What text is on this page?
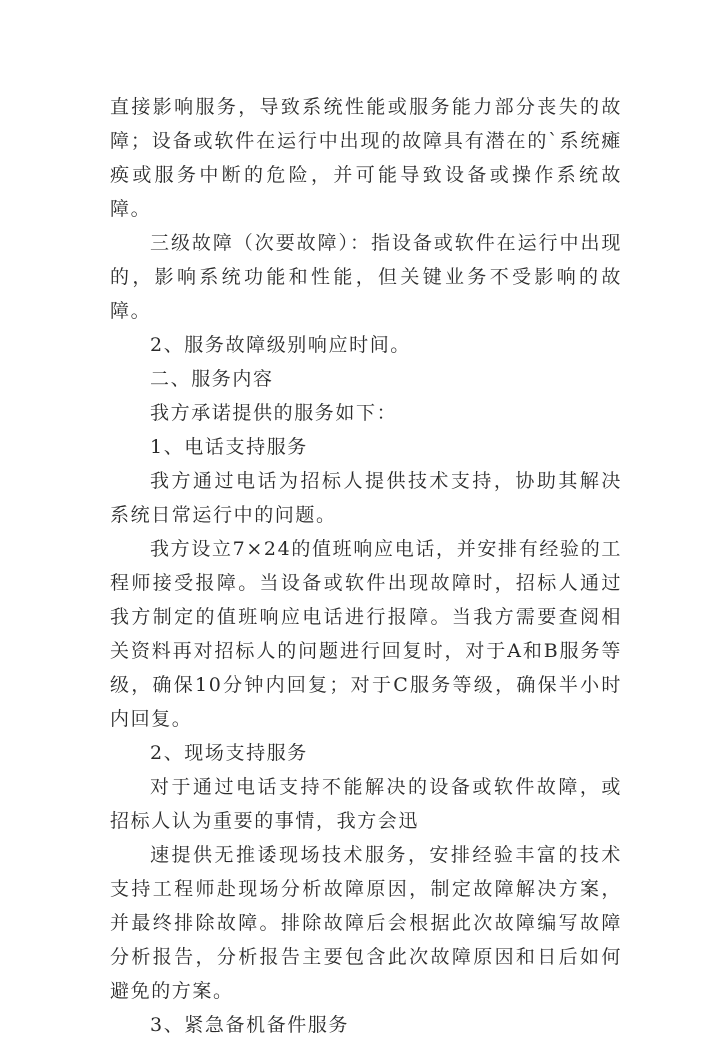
直接影响服务，导致系统性能或服务能力部分丧失的故障；设备或软件在运行中出现的故障具有潜在的`系统瘫痪或服务中断的危险，并可能导致设备或操作系统故障。

三级故障（次要故障）：指设备或软件在运行中出现的，影响系统功能和性能，但关键业务不受影响的故障。

2、服务故障级别响应时间。

二、服务内容

我方承诺提供的服务如下：

1、电话支持服务

我方通过电话为招标人提供技术支持，协助其解决系统日常运行中的问题。

我方设立7×24的值班响应电话，并安排有经验的工程师接受报障。当设备或软件出现故障时，招标人通过我方制定的值班响应电话进行报障。当我方需要查阅相关资料再对招标人的问题进行回复时，对于A和B服务等级，确保10分钟内回复；对于C服务等级，确保半小时内回复。

2、现场支持服务

对于通过电话支持不能解决的设备或软件故障，或招标人认为重要的事情，我方会迅

速提供无推诿现场技术服务，安排经验丰富的技术支持工程师赴现场分析故障原因，制定故障解决方案，并最终排除故障。排除故障后会根据此次故障编写故障分析报告，分析报告主要包含此次故障原因和日后如何避免的方案。

3、紧急备机备件服务
